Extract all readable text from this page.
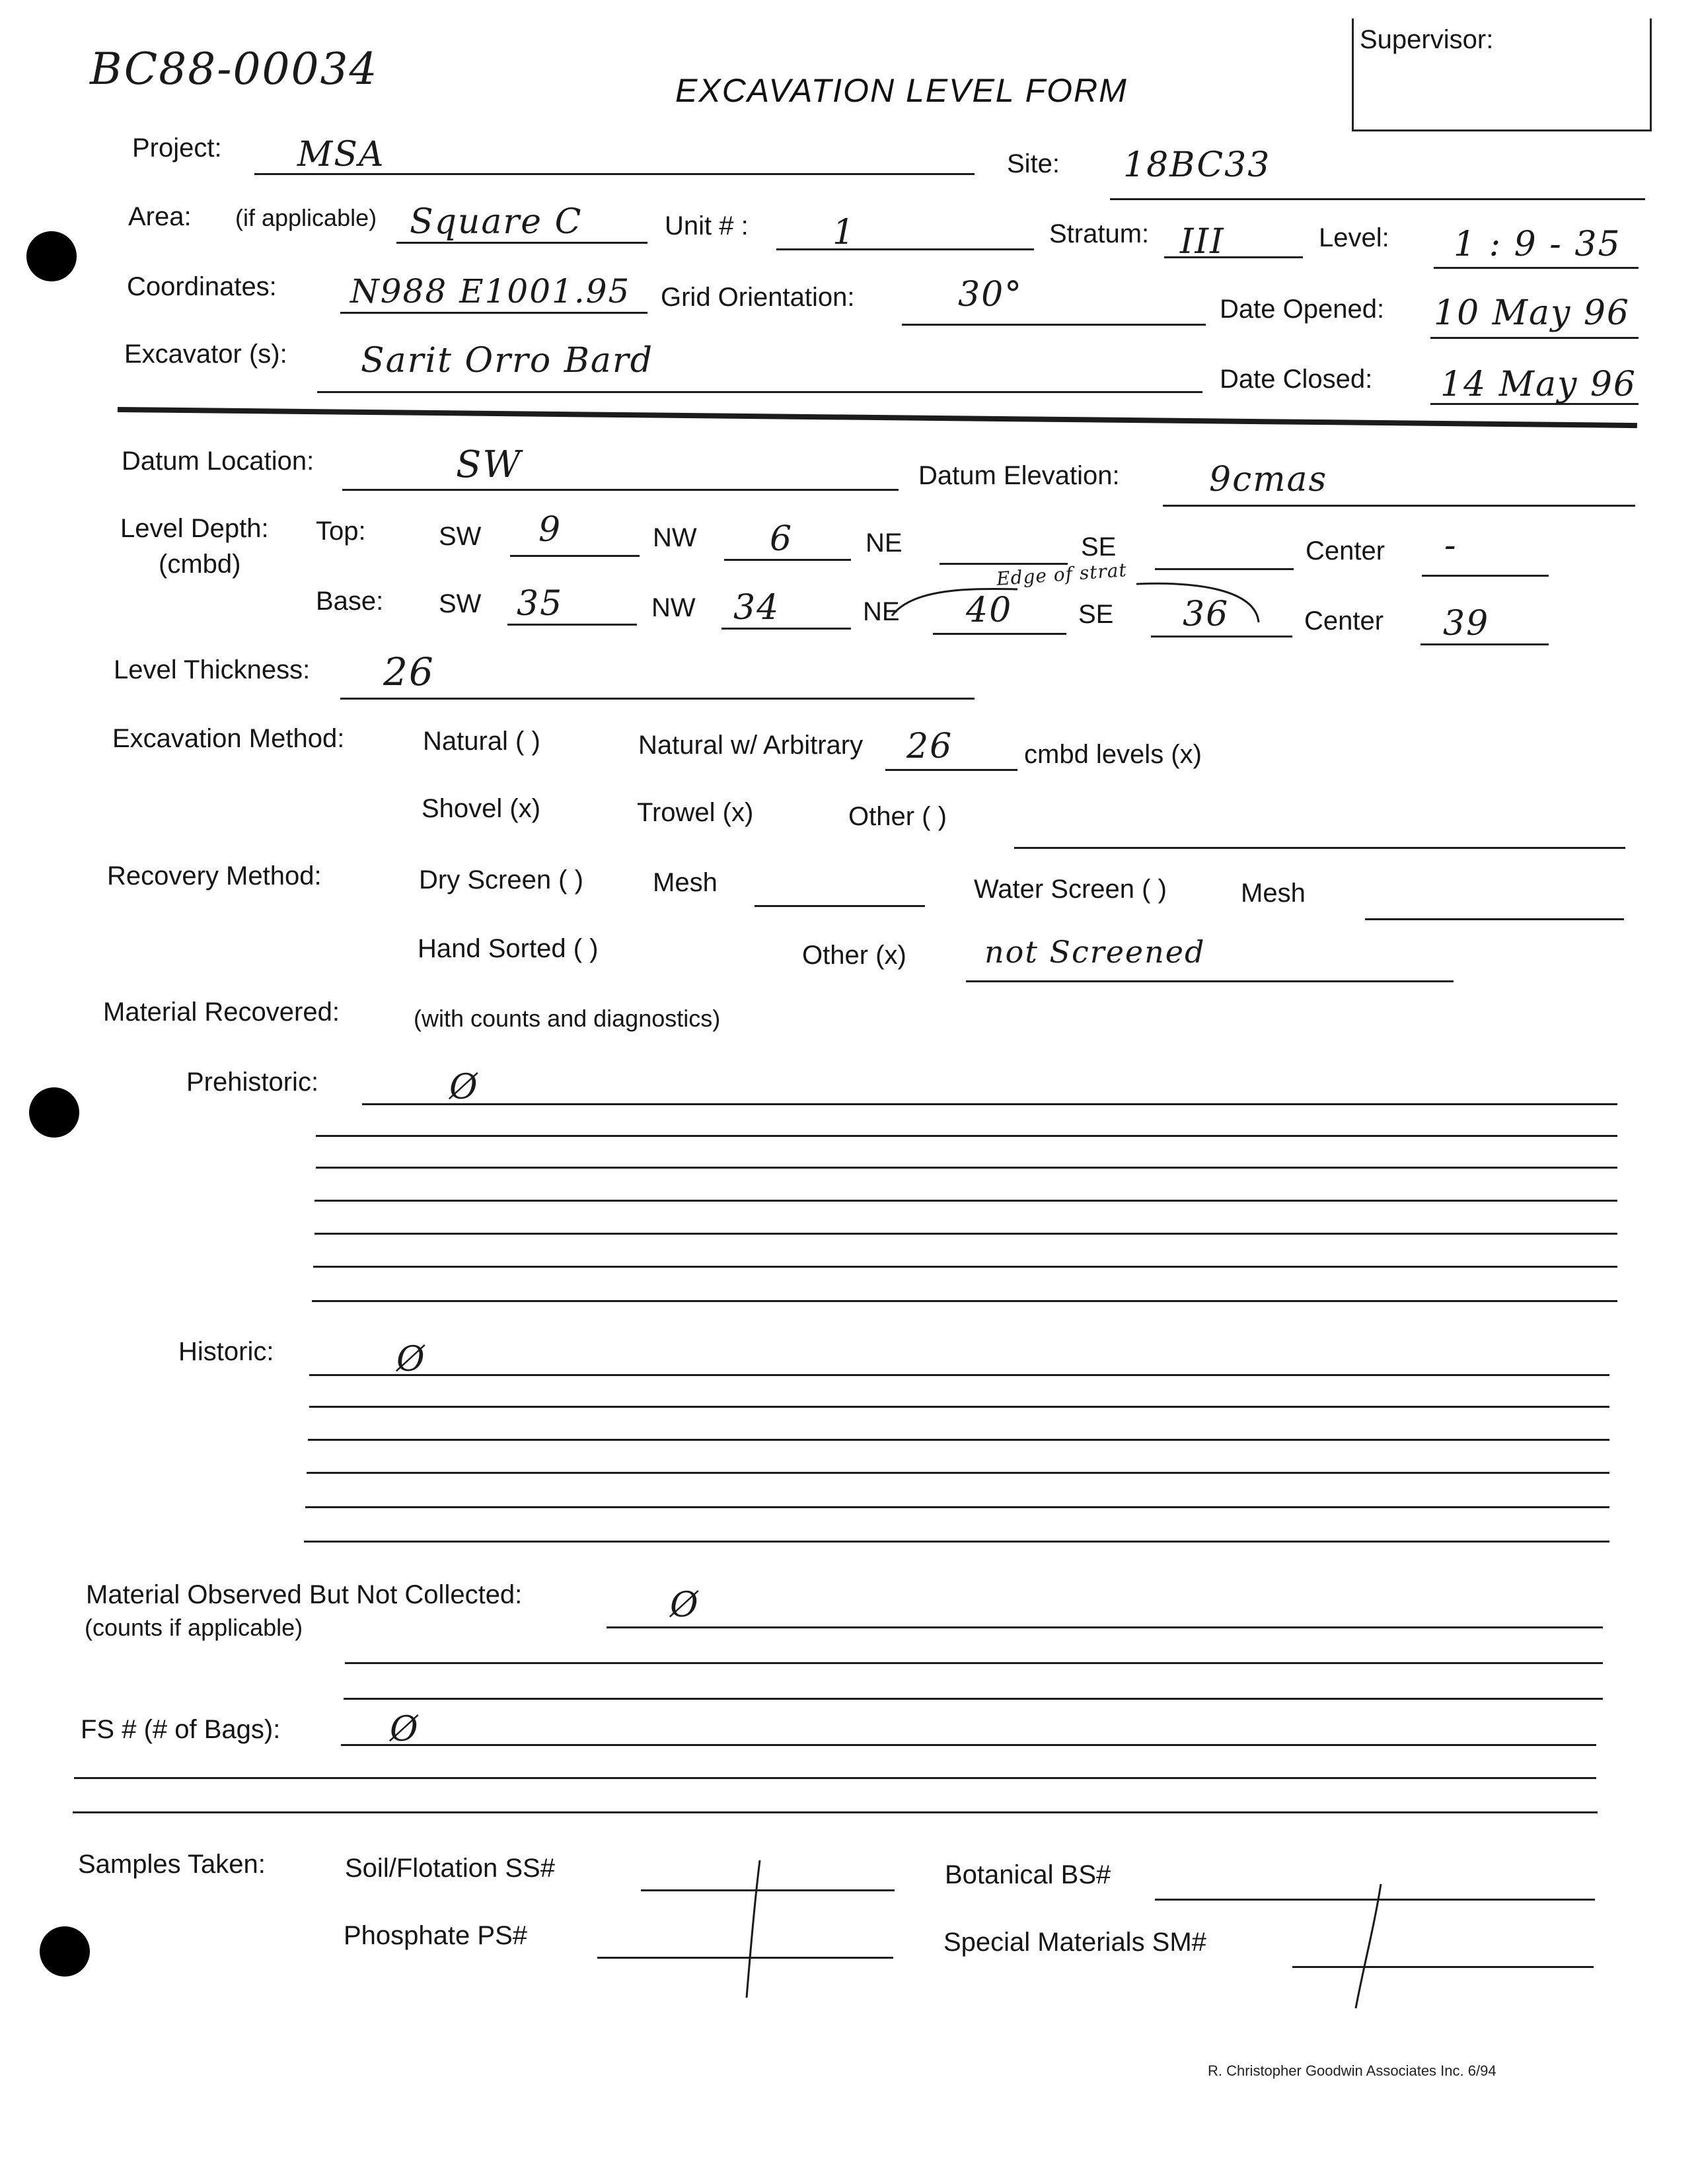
BC88-00034	EXCAVATION LEVEL FORM
Supervisor:
Project: MSA	Site: 18BC33
Area: (if applicable) Square C	Unit # : 1	Stratum: III	Level: 1 : 9 - 35
Coordinates: N988 E1001.95 Grid Orientation:	30°	Date Opened: 10 May 96
Excavator (s): Sarit Orro Bard	Date Closed: 14 May 96
Datum Location:	SW	Datum Elevation:	9cmas
Level Depth:
(cmbd)
Top:	SW 9	NW 6	NE	SE	Center -
Base: SW 35	NW 34	NE 40 SE 36	Center 39
Edge of strat
Level Thickness: 26
Excavation Method:	Natural ( )	Natural w/ Arbitrary 26	cmbd levels (x)
Shovel (x)	Trowel (x)	Other ( )
Recovery Method:	Dry Screen ( )	Mesh	Water Screen ( )	Mesh
Hand Sorted ( )	Other (x)	not Screened
Material Recovered:	(with counts and diagnostics)
Prehistoric:	Ø
Historic:	Ø
Material Observed But Not Collected:
(counts if applicable)
Ø
FS # (# of Bags):	Ø
Samples Taken:	Soil/Flotation SS#
Phosphate PS#
Botanical BS#
Special Materials SM#
R. Christopher Goodwin Associates Inc. 6/94
